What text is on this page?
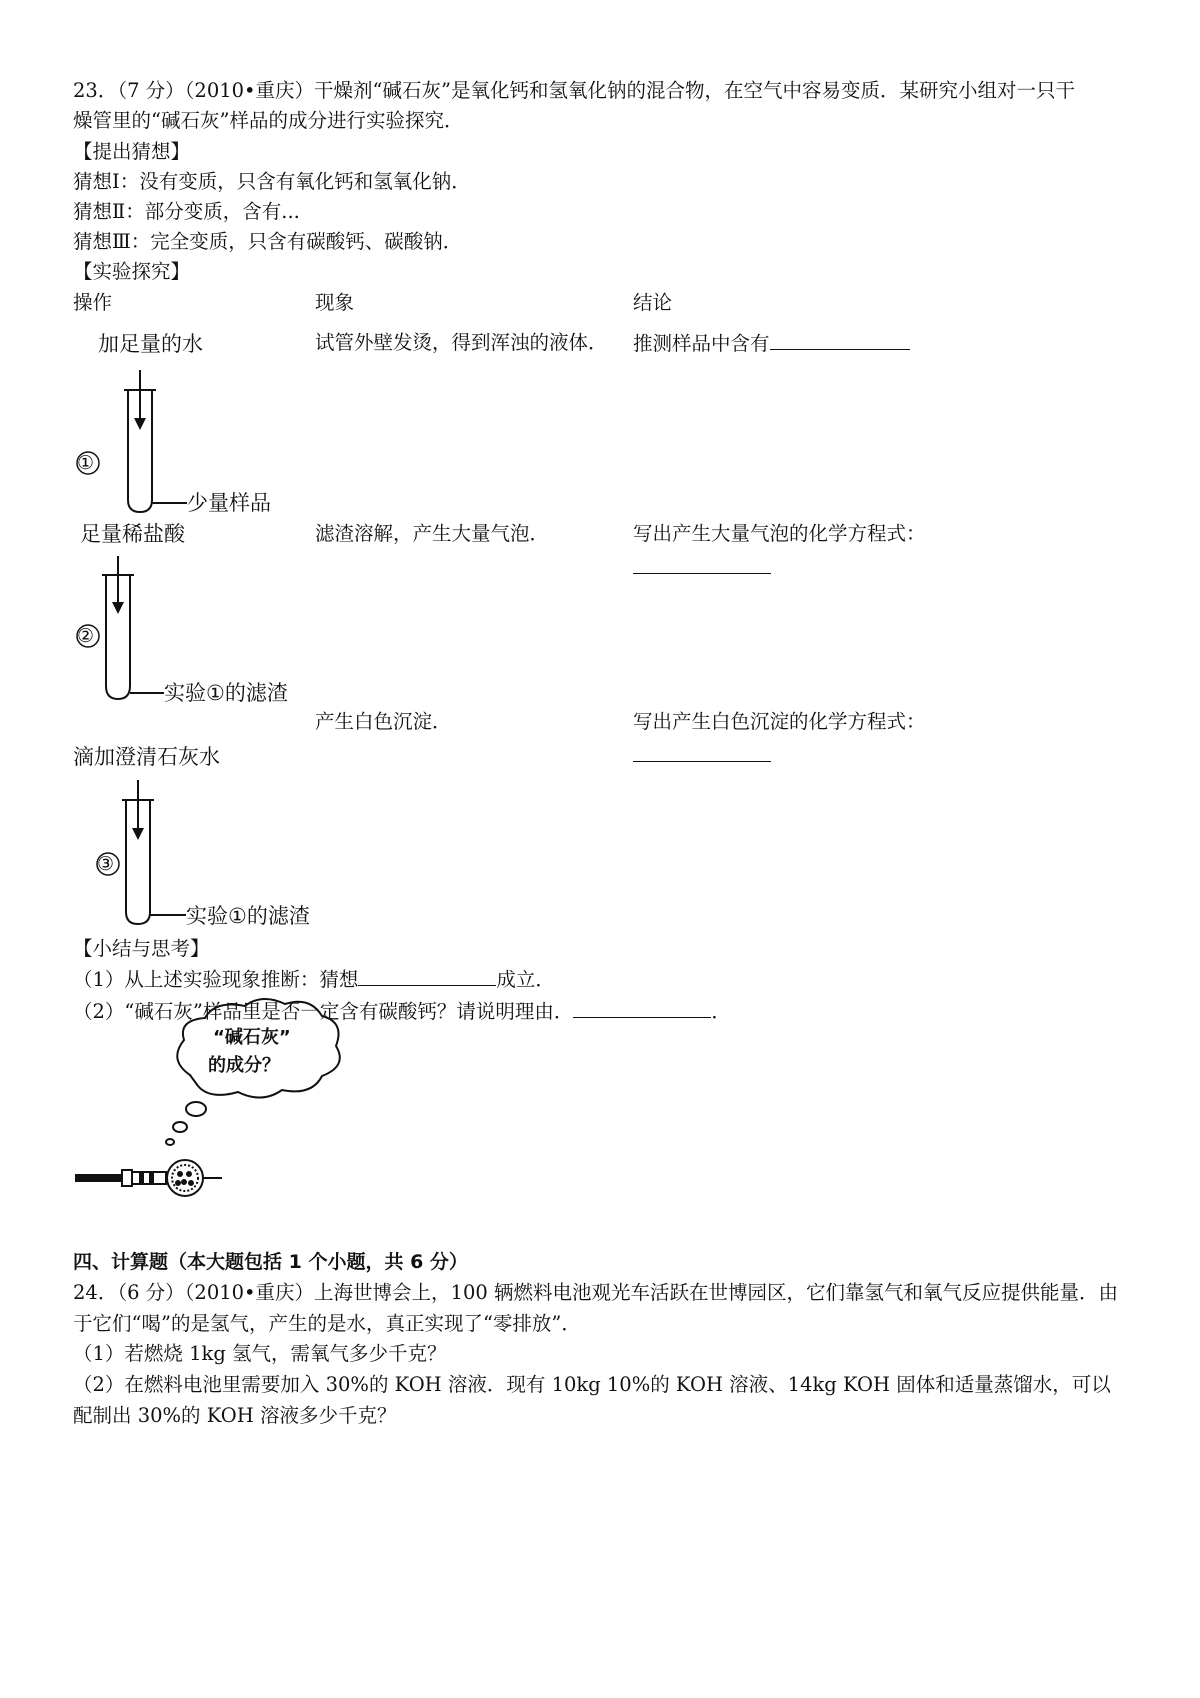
23．（7 分）（2010•重庆）干燥剂“碱石灰”是氧化钙和氢氧化钠的混合物，在空气中容易变质．某研究小组对一只干
燥管里的“碱石灰”样品的成分进行实验探究．
【提出猜想】
猜想Ⅰ：没有变质，只含有氧化钙和氢氧化钠．
猜想Ⅱ：部分变质，含有...
猜想Ⅲ：完全变质，只含有碳酸钙、碳酸钠．
【实验探究】
操作	现象	结论
加足量的水
①
少量样品
试管外壁发烫，得到浑浊的液体． 推测样品中含有
足量稀盐酸
②
实验①的滤渣
滤渣溶解，产生大量气泡．	写出产生大量气泡的化学方程式：
滴加澄清石灰水
③
实验①的滤渣
产生白色沉淀．	写出产生白色沉淀的化学方程式：
【小结与思考】
（1）从上述实验现象推断：猜想	成立．
（2）“碱石灰”样品里是否一定含有碳酸钙？请说明理由．	．
“碱石灰”
的成分？
四、计算题（本大题包括 1 个小题，共 6 分）
24．（6 分）（2010•重庆）上海世博会上，100 辆燃料电池观光车活跃在世博园区，它们靠氢气和氧气反应提供能量．由
于它们“喝”的是氢气，产生的是水，真正实现了“零排放”．
（1）若燃烧 1kg 氢气，需氧气多少千克？
（2）在燃料电池里需要加入 30%的 KOH 溶液．现有 10kg 10%的 KOH 溶液、14kg KOH 固体和适量蒸馏水，可以
配制出 30%的 KOH 溶液多少千克？
